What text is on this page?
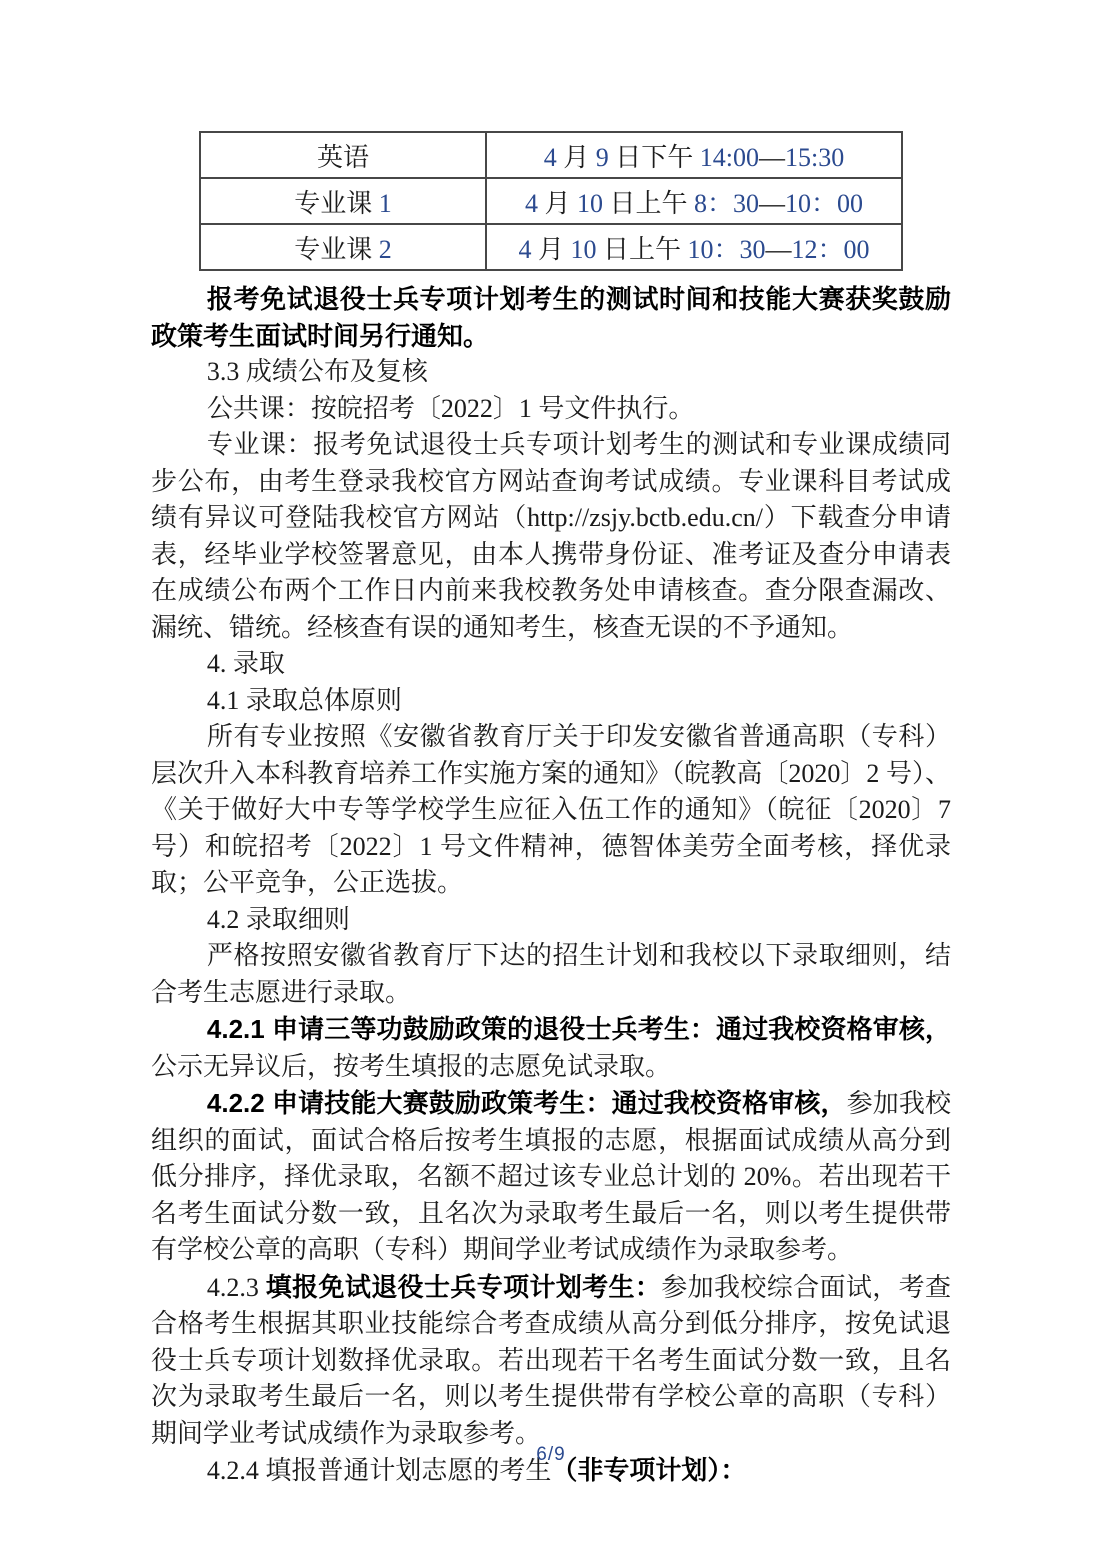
英语	4 月 9 日下午 14:00—15:30
专业课 1	4 月 10 日上午 8：30—10：00
专业课 2	4 月 10 日上午 10：30—12：00

报考免试退役士兵专项计划考生的测试时间和技能大赛获奖鼓励政策考生面试时间另行通知。

3.3 成绩公布及复核

公共课：按皖招考〔2022〕1 号文件执行。

专业课：报考免试退役士兵专项计划考生的测试和专业课成绩同步公布，由考生登录我校官方网站查询考试成绩。专业课科目考试成绩有异议可登陆我校官方网站（http://zsjy.bctb.edu.cn/）下载查分申请表，经毕业学校签署意见，由本人携带身份证、准考证及查分申请表在成绩公布两个工作日内前来我校教务处申请核查。查分限查漏改、漏统、错统。经核查有误的通知考生，核查无误的不予通知。

4. 录取

4.1 录取总体原则

所有专业按照《安徽省教育厅关于印发安徽省普通高职（专科）层次升入本科教育培养工作实施方案的通知》（皖教高〔2020〕2 号）、《关于做好大中专等学校学生应征入伍工作的通知》（皖征〔2020〕7 号）和皖招考〔2022〕1 号文件精神，德智体美劳全面考核，择优录取；公平竞争，公正选拔。

4.2 录取细则

严格按照安徽省教育厅下达的招生计划和我校以下录取细则，结合考生志愿进行录取。

4.2.1 申请三等功鼓励政策的退役士兵考生：通过我校资格审核，公示无异议后，按考生填报的志愿免试录取。

4.2.2 申请技能大赛鼓励政策考生：通过我校资格审核，参加我校组织的面试，面试合格后按考生填报的志愿，根据面试成绩从高分到低分排序，择优录取，名额不超过该专业总计划的 20%。若出现若干名考生面试分数一致，且名次为录取考生最后一名，则以考生提供带有学校公章的高职（专科）期间学业考试成绩作为录取参考。

4.2.3 填报免试退役士兵专项计划考生：参加我校综合面试，考查合格考生根据其职业技能综合考查成绩从高分到低分排序，按免试退役士兵专项计划数择优录取。若出现若干名考生面试分数一致，且名次为录取考生最后一名，则以考生提供带有学校公章的高职（专科）期间学业考试成绩作为录取参考。

4.2.4 填报普通计划志愿的考生（非专项计划）：

6/9
